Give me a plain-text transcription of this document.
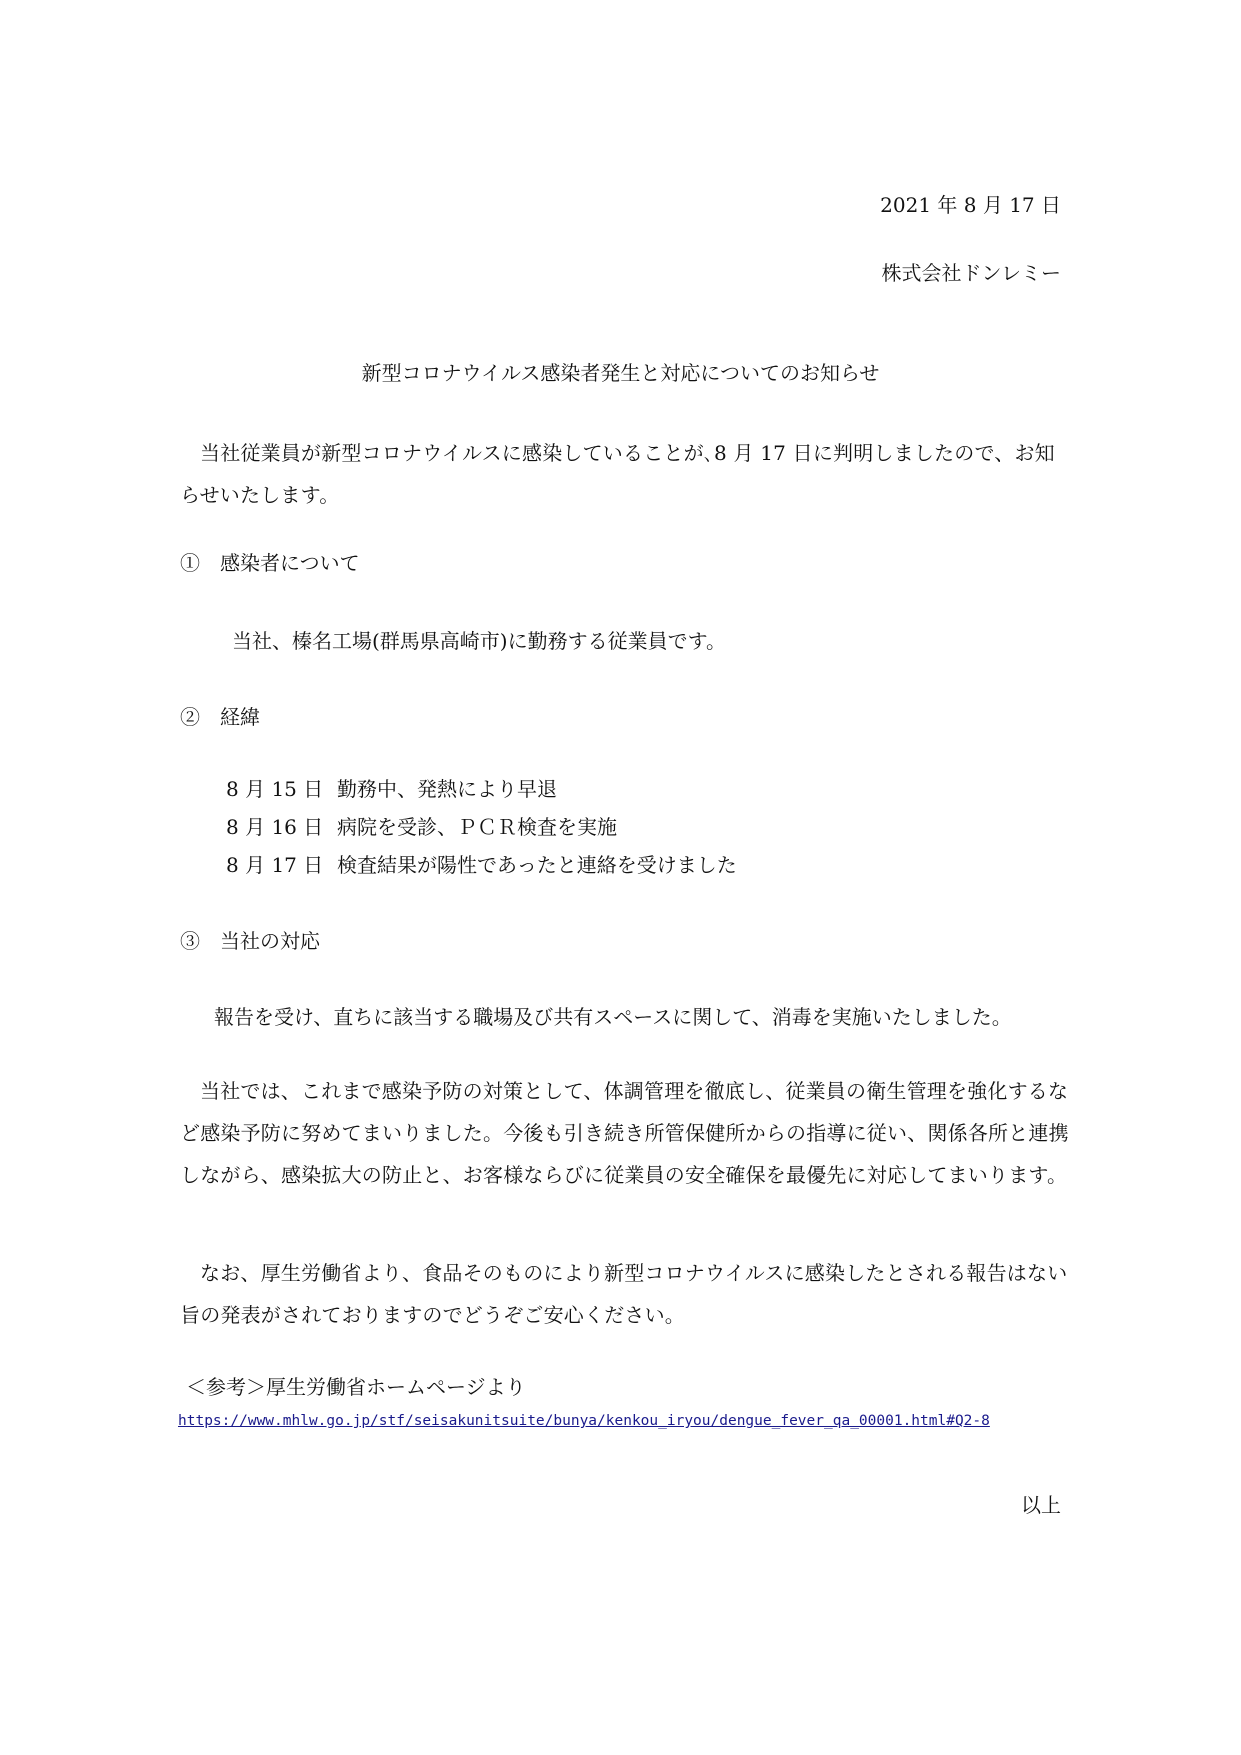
2021 年 8 月 17 日
株式会社ドンレミー
新型コロナウイルス感染者発生と対応についてのお知らせ
当社従業員が新型コロナウイルスに感染していることが､8 月 17 日に判明しましたので、お知らせいたします。
①　感染者について
当社、榛名工場(群馬県高崎市)に勤務する従業員です。
②　経緯
8 月 15 日 勤務中、発熱により早退
8 月 16 日 病院を受診、ＰＣＲ検査を実施
8 月 17 日 検査結果が陽性であったと連絡を受けました
③　当社の対応
報告を受け、直ちに該当する職場及び共有スペースに関して、消毒を実施いたしました。
当社では、これまで感染予防の対策として、体調管理を徹底し、従業員の衛生管理を強化するなど感染予防に努めてまいりました。今後も引き続き所管保健所からの指導に従い、関係各所と連携しながら、感染拡大の防止と、お客様ならびに従業員の安全確保を最優先に対応してまいります。
なお、厚生労働省より、食品そのものにより新型コロナウイルスに感染したとされる報告はない旨の発表がされておりますのでどうぞご安心ください。
＜参考＞厚生労働省ホームページより
https://www.mhlw.go.jp/stf/seisakunitsuite/bunya/kenkou_iryou/dengue_fever_qa_00001.html#Q2-8
以上
